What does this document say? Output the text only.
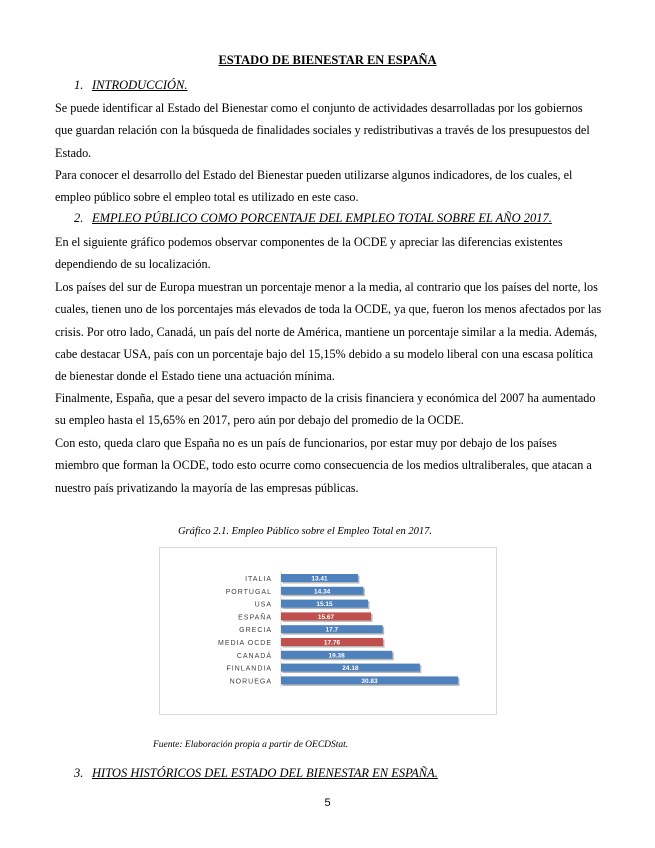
ESTADO DE BIENESTAR EN ESPAÑA
1. INTRODUCCIÓN.
Se puede identificar al Estado del Bienestar como el conjunto de actividades desarrolladas por los gobiernos que guardan relación con la búsqueda de finalidades sociales y redistributivas a través de los presupuestos del Estado.
Para conocer el desarrollo del Estado del Bienestar pueden utilizarse algunos indicadores, de los cuales, el empleo público sobre el empleo total es utilizado en este caso.
2. EMPLEO PÚBLICO COMO PORCENTAJE DEL EMPLEO TOTAL SOBRE EL AÑO 2017.
En el siguiente gráfico podemos observar componentes de la OCDE y apreciar las diferencias existentes dependiendo de su localización.
Los países del sur de Europa muestran un porcentaje menor a la media, al contrario que los países del norte, los cuales, tienen uno de los porcentajes más elevados de toda la OCDE, ya que, fueron los menos afectados por las crisis. Por otro lado, Canadá, un país del norte de América, mantiene un porcentaje similar a la media. Además, cabe destacar USA, país con un porcentaje bajo del 15,15% debido a su modelo liberal con una escasa política de bienestar donde el Estado tiene una actuación mínima.
Finalmente, España, que a pesar del severo impacto de la crisis financiera y económica del 2007 ha aumentado su empleo hasta el 15,65% en 2017, pero aún por debajo del promedio de la OCDE.
Con esto, queda claro que España no es un país de funcionarios, por estar muy por debajo de los países miembro que forman la OCDE, todo esto ocurre como consecuencia de los medios ultraliberales, que atacan a nuestro país privatizando la mayoría de las empresas públicas.
Gráfico 2.1. Empleo Público sobre el Empleo Total en 2017.
ITALIA	13.41
PORTUGAL	14.34
USA	15.15
ESPAÑA	15.67
GRECIA	17.7
MEDIA OCDE	17.76
CANADÁ	19.38
FINLANDIA	24.18
NORUEGA	30.83
Fuente: Elaboración propia a partir de OECDStat.
3. HITOS HISTÓRICOS DEL ESTADO DEL BIENESTAR EN ESPAÑA.
5
